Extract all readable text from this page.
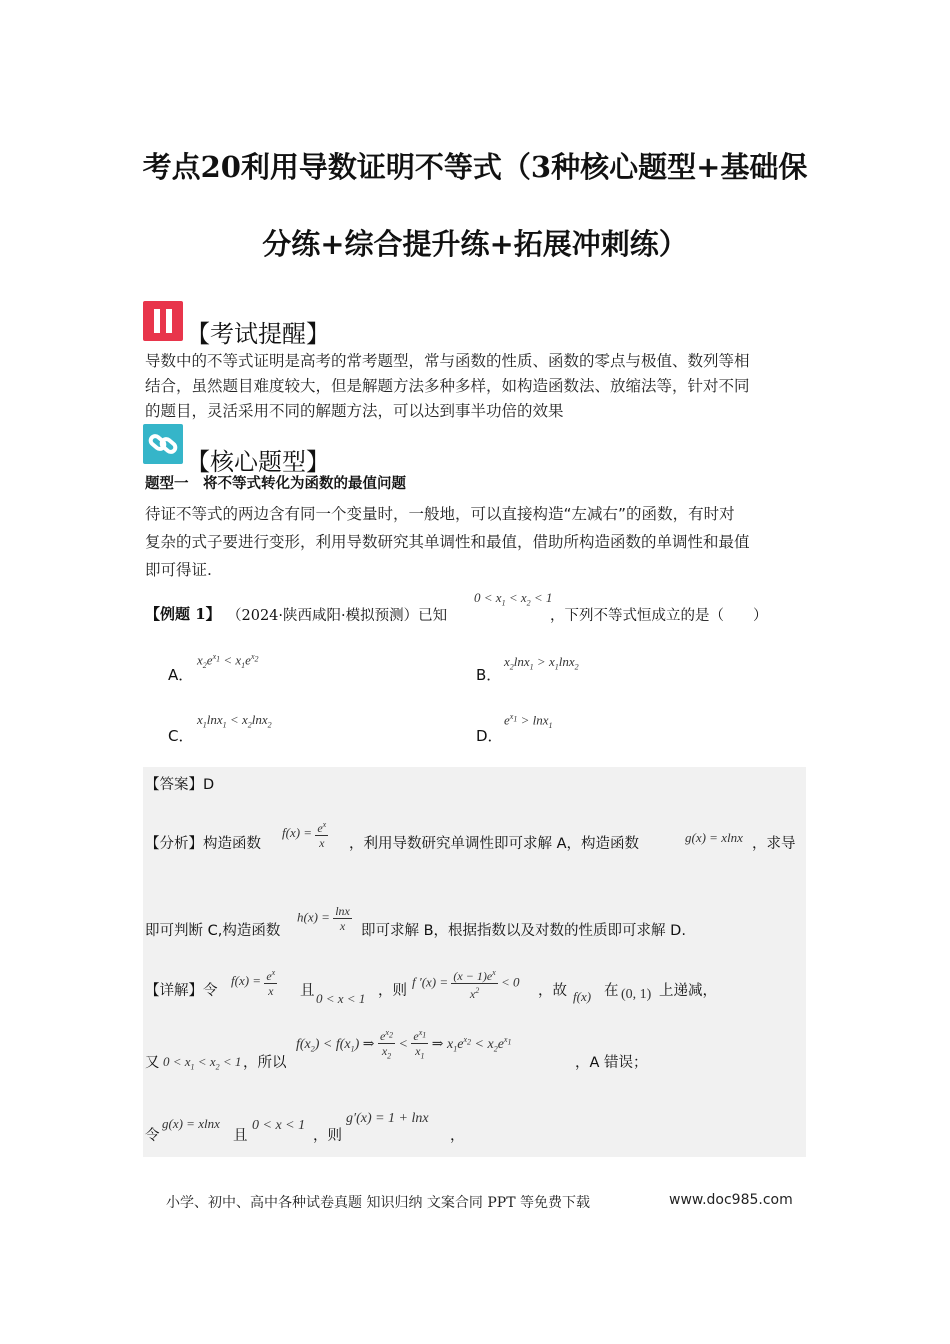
考点20利用导数证明不等式（3种核心题型+基础保
分练+综合提升练+拓展冲刺练）
【考试提醒】
导数中的不等式证明是高考的常考题型，常与函数的性质、函数的零点与极值、数列等相
结合，虽然题目难度较大，但是解题方法多种多样，如构造函数法、放缩法等，针对不同
的题目，灵活采用不同的解题方法，可以达到事半功倍的效果
【核心题型】
题型一　将不等式转化为函数的最值问题
待证不等式的两边含有同一个变量时，一般地，可以直接构造“左减右”的函数，有时对
复杂的式子要进行变形，利用导数研究其单调性和最值，借助所构造函数的单调性和最值
即可得证.
【例题 1】 （2024·陕西咸阳·模拟预测）已知
$0 < x_1 < x_2 < 1$
，下列不等式恒成立的是（　　）
A．
$x_2e^{x_1} < x_1e^{x_2}$
B．
$x_2\ln x_1 > x_1\ln x_2$
C．
$x_1\ln x_1 < x_2\ln x_2$
D．
$e^{x_1} > \ln x_1$
【答案】D
【分析】构造函数
$f(x) = \frac{e^x}{x}$ ，利用导数研究单调性即可求解 A，构造函数	g(x) = xlnx ，求导
即可判断 C,构造函数
$h(x) = \frac{\ln x}{x}$ 即可求解 B，根据指数以及对数的性质即可求解 D.
【详解】令
$f(x) = \frac{e^x}{x}$ 且 0 < x < 1 ，则
f $'(x) = \frac{(x - 1)e^x}{x^2} < 0$
，故 f(x) 在 (0, 1) 上递减，
又 $0 < x_1 < x_2 < 1$ ，所以
$f(x_2) < f(x_1)$ ⇒ $\frac{e^{x_2}}{x_2} < \frac{e^{x_1}}{x_1}$ ⇒ $x_1e^{x_2} < x_2e^{x_1}$
，A 错误；
令
g(x) = xlnx
且
0 < x < 1
，则
g′(x) = 1 + lnx
，
小学、初中、高中各种试卷真题 知识归纳 文案合同 PPT 等免费下载	www.doc985.com
